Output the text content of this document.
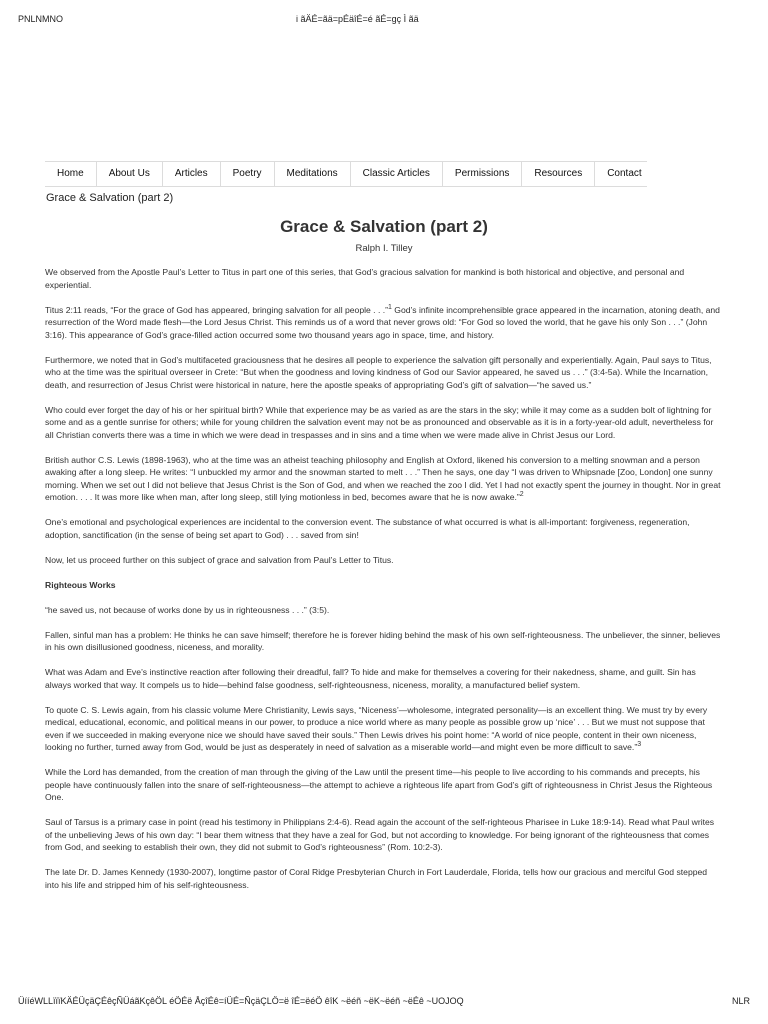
PNLNMNO	i ãÄÉ=ãä=pÉäîÉ=é ãÉ=gç Ì ãä
Home	About Us	Articles	Poetry	Meditations	Classic Articles	Permissions	Resources	Contact
Grace & Salvation (part 2)
Grace & Salvation (part 2)
Ralph I. Tilley

We observed from the Apostle Paul’s Letter to Titus in part one of this series, that God’s gracious salvation for mankind is both historical and objective, and personal and experiential.

Titus 2:11 reads, “For the grace of God has appeared, bringing salvation for all people . . .”$^1$ God’s infinite incomprehensible grace appeared in the incarnation, atoning death, and resurrection of the Word made flesh—the Lord Jesus Christ. This reminds us of a word that never grows old: “For God so loved the world, that he gave his only Son . . .” (John 3:16). This appearance of God’s grace-filled action occurred some two thousand years ago in space, time, and history.

Furthermore, we noted that in God’s multifaceted graciousness that he desires all people to experience the salvation gift personally and experientially. Again, Paul says to Titus, who at the time was the spiritual overseer in Crete: “But when the goodness and loving kindness of God our Savior appeared, he saved us . . .” (3:4-5a). While the Incarnation, death, and resurrection of Jesus Christ were historical in nature, here the apostle speaks of appropriating God’s gift of salvation—“he saved us.”

Who could ever forget the day of his or her spiritual birth? While that experience may be as varied as are the stars in the sky; while it may come as a sudden bolt of lightning for some and as a gentle sunrise for others; while for young children the salvation event may not be as pronounced and observable as it is in a forty-year-old adult, nevertheless for all Christian converts there was a time in which we were dead in trespasses and in sins and a time when we were made alive in Christ Jesus our Lord.

British author C.S. Lewis (1898-1963), who at the time was an atheist teaching philosophy and English at Oxford, likened his conversion to a melting snowman and a person awaking after a long sleep. He writes: “I unbuckled my armor and the snowman started to melt . . .” Then he says, one day “I was driven to Whipsnade [Zoo, London] one sunny morning. When we set out I did not believe that Jesus Christ is the Son of God, and when we reached the zoo I did. Yet I had not exactly spent the journey in thought. Nor in great emotion. . . . It was more like when man, after long sleep, still lying motionless in bed, becomes aware that he is now awake.”$^2$

One’s emotional and psychological experiences are incidental to the conversion event. The substance of what occurred is what is all-important: forgiveness, regeneration, adoption, sanctification (in the sense of being set apart to God) . . . saved from sin!

Now, let us proceed further on this subject of grace and salvation from Paul’s Letter to Titus.

Righteous Works

“he saved us, not because of works done by us in righteousness . . .” (3:5).

Fallen, sinful man has a problem: He thinks he can save himself; therefore he is forever hiding behind the mask of his own self-righteousness. The unbeliever, the sinner, believes in his own disillusioned goodness, niceness, and morality.

What was Adam and Eve’s instinctive reaction after following their dreadful, fall? To hide and make for themselves a covering for their nakedness, shame, and guilt. Sin has always worked that way. It compels us to hide—behind false goodness, self-righteousness, niceness, morality, a manufactured belief system.

To quote C. S. Lewis again, from his classic volume Mere Christianity, Lewis says, “Niceness’—wholesome, integrated personality—is an excellent thing. We must try by every medical, educational, economic, and political means in our power, to produce a nice world where as many people as possible grow up ‘nice’ . . . But we must not suppose that even if we succeeded in making everyone nice we should have saved their souls.” Then Lewis drives his point home: “A world of nice people, content in their own niceness, looking no further, turned away from God, would be just as desperately in need of salvation as a miserable world—and might even be more difficult to save.”$^3$

While the Lord has demanded, from the creation of man through the giving of the Law until the present time—his people to live according to his commands and precepts, his people have continuously fallen into the snare of self-righteousness—the attempt to achieve a righteous life apart from God’s gift of righteousness in Christ Jesus the Righteous One.

Saul of Tarsus is a primary case in point (read his testimony in Philippians 2:4-6). Read again the account of the self-righteous Pharisee in Luke 18:9-14). Read what Paul writes of the unbelieving Jews of his own day: “I bear them witness that they have a zeal for God, but not according to knowledge. For being ignorant of the righteousness that comes from God, and seeking to establish their own, they did not submit to God’s righteousness” (Rom. 10:2-3).

The late Dr. D. James Kennedy (1930-2007), longtime pastor of Coral Ridge Presbyterian Church in Fort Lauderdale, Florida, tells how our gracious and merciful God stepped into his life and stripped him of his self-righteousness.

ÜííéWLLïïïKÄÉÜçäÇÉêçÑÜáãKçêÖL éÖÉë ÅçîÉê=íÜÉ=ÑçäÇLÖ=ë îÉ=ëéÖ êîK ~ëéñ ~ëK~ëéñ ~ëÉê ~UOJOQ	NLR
